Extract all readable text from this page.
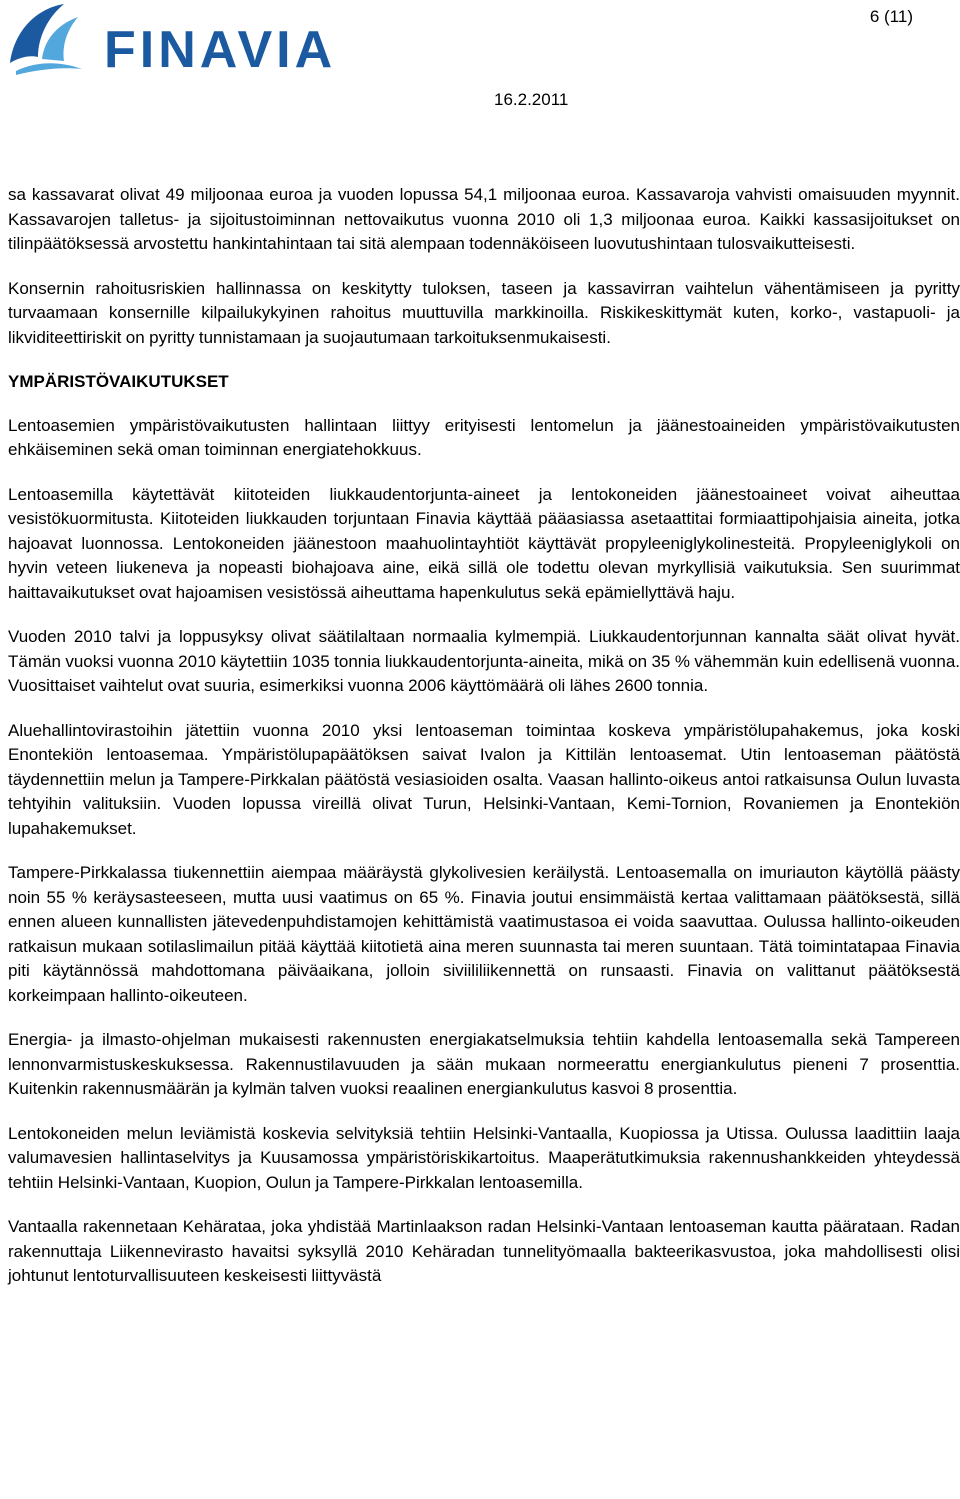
FINAVIA
6 (11)
16.2.2011

sa kassavarat olivat 49 miljoonaa euroa ja vuoden lopussa 54,1 miljoonaa euroa. Kassavaroja vahvisti omaisuuden myynnit. Kassavarojen talletus- ja sijoitustoiminnan nettovaikutus vuonna 2010 oli 1,3 miljoonaa euroa. Kaikki kassasijoitukset on tilinpäätöksessä arvostettu hankintahintaan tai sitä alempaan todennäköiseen luovutushintaan tulosvaikutteisesti.

Konsernin rahoitusriskien hallinnassa on keskitytty tuloksen, taseen ja kassavirran vaihtelun vähentämiseen ja pyritty turvaamaan konsernille kilpailukykyinen rahoitus muuttuvilla markkinoilla. Riskikeskittymät kuten, korko-, vastapuoli- ja likviditeettiriskit on pyritty tunnistamaan ja suojautumaan tarkoituksenmukaisesti.

YMPÄRISTÖVAIKUTUKSET

Lentoasemien ympäristövaikutusten hallintaan liittyy erityisesti lentomelun ja jäänestoaineiden ympäristövaikutusten ehkäiseminen sekä oman toiminnan energiatehokkuus.

Lentoasemilla käytettävät kiitoteiden liukkaudentorjunta-aineet ja lentokoneiden jäänestoaineet voivat aiheuttaa vesistökuormitusta. Kiitoteiden liukkauden torjuntaan Finavia käyttää pääasiassa asetaattitai formiaattipohjaisia aineita, jotka hajoavat luonnossa. Lentokoneiden jäänestoon maahuolintayhtiöt käyttävät propyleeniglykolinesteitä. Propyleeniglykoli on hyvin veteen liukeneva ja nopeasti biohajoava aine, eikä sillä ole todettu olevan myrkyllisiä vaikutuksia. Sen suurimmat haittavaikutukset ovat hajoamisen vesistössä aiheuttama hapenkulutus sekä epämiellyttävä haju.

Vuoden 2010 talvi ja loppusyksy olivat säätilaltaan normaalia kylmempiä. Liukkaudentorjunnan kannalta säät olivat hyvät. Tämän vuoksi vuonna 2010 käytettiin 1035 tonnia liukkaudentorjunta-aineita, mikä on 35 % vähemmän kuin edellisenä vuonna. Vuosittaiset vaihtelut ovat suuria, esimerkiksi vuonna 2006 käyttömäärä oli lähes 2600 tonnia.

Aluehallintovirastoihin jätettiin vuonna 2010 yksi lentoaseman toimintaa koskeva ympäristölupahakemus, joka koski Enontekiön lentoasemaa. Ympäristölupapäätöksen saivat Ivalon ja Kittilän lentoasemat. Utin lentoaseman päätöstä täydennettiin melun ja Tampere-Pirkkalan päätöstä vesiasioiden osalta. Vaasan hallinto-oikeus antoi ratkaisunsa Oulun luvasta tehtyihin valituksiin. Vuoden lopussa vireillä olivat Turun, Helsinki-Vantaan, Kemi-Tornion, Rovaniemen ja Enontekiön lupahakemukset.

Tampere-Pirkkalassa tiukennettiin aiempaa määräystä glykolivesien keräilystä. Lentoasemalla on imuriauton käytöllä päästy noin 55 % keräysasteeseen, mutta uusi vaatimus on 65 %. Finavia joutui ensimmäistä kertaa valittamaan päätöksestä, sillä ennen alueen kunnallisten jätevedenpuhdistamojen kehittämistä vaatimustasoa ei voida saavuttaa. Oulussa hallinto-oikeuden ratkaisun mukaan sotilaslimailun pitää käyttää kiitotietä aina meren suunnasta tai meren suuntaan. Tätä toimintatapaa Finavia piti käytännössä mahdottomana päiväaikana, jolloin siviililiikennettä on runsaasti. Finavia on valittanut päätöksestä korkeimpaan hallinto-oikeuteen.

Energia- ja ilmasto-ohjelman mukaisesti rakennusten energiakatselmuksia tehtiin kahdella lentoasemalla sekä Tampereen lennonvarmistuskeskuksessa. Rakennustilavuuden ja sään mukaan normeerattu energiankulutus pieneni 7 prosenttia. Kuitenkin rakennusmäärän ja kylmän talven vuoksi reaalinen energiankulutus kasvoi 8 prosenttia.

Lentokoneiden melun leviämistä koskevia selvityksiä tehtiin Helsinki-Vantaalla, Kuopiossa ja Utissa. Oulussa laadittiin laaja valumavesien hallintaselvitys ja Kuusamossa ympäristöriskikartoitus. Maaperätutkimuksia rakennushankkeiden yhteydessä tehtiin Helsinki-Vantaan, Kuopion, Oulun ja Tampere-Pirkkalan lentoasemilla.

Vantaalla rakennetaan Kehärataa, joka yhdistää Martinlaakson radan Helsinki-Vantaan lentoaseman kautta päärataan. Radan rakennuttaja Liikennevirasto havaitsi syksyllä 2010 Kehäradan tunnelityömaalla bakteerikasvustoa, joka mahdollisesti olisi johtunut lentoturvallisuuteen keskeisesti liittyvästä
